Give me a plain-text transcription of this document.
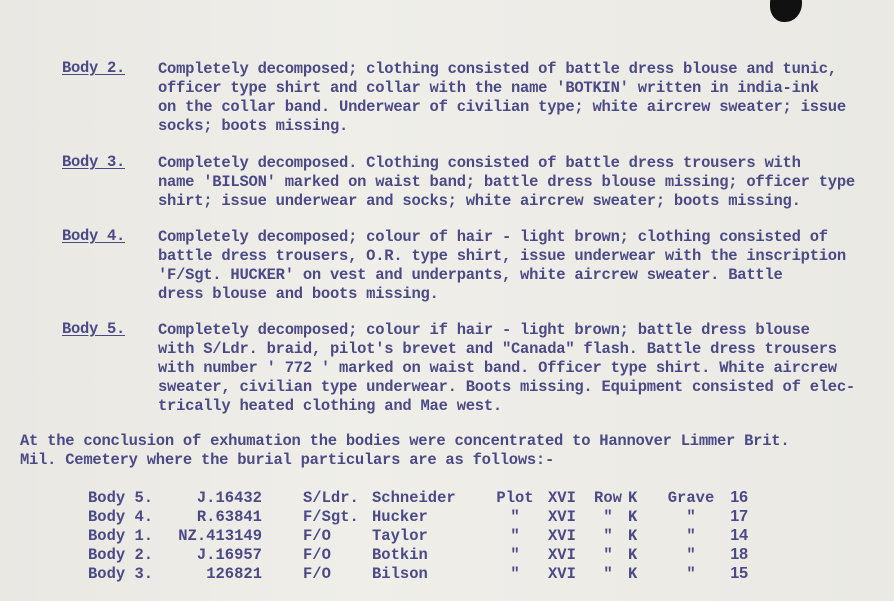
Body 2. Completely decomposed; clothing consisted of battle dress blouse and tunic,
officer type shirt and collar with the name 'BOTKIN' written in india-ink
on the collar band. Underwear of civilian type; white aircrew sweater; issue
socks; boots missing.
Body 3. Completely decomposed. Clothing consisted of battle dress trousers with
name 'BILSON' marked on waist band; battle dress blouse missing; officer type
shirt; issue underwear and socks; white aircrew sweater; boots missing.
Body 4. Completely decomposed; colour of hair - light brown; clothing consisted of
battle dress trousers, O.R. type shirt, issue underwear with the inscription
'F/Sgt. HUCKER' on vest and underpants, white aircrew sweater. Battle
dress blouse and boots missing.
Body 5. Completely decomposed; colour if hair - light brown; battle dress blouse
with S/Ldr. braid, pilot's brevet and "Canada" flash. Battle dress trousers
with number ' 772 ' marked on waist band. Officer type shirt. White aircrew
sweater, civilian type underwear. Boots missing. Equipment consisted of elec-
trically heated clothing and Mae west.
At the conclusion of exhumation the bodies were concentrated to Hannover Limmer Brit.
Mil. Cemetery where the burial particulars are as follows:-
Body 5.	J.16432	S/Ldr. Schneider	Plot XVI Row K Grave 16
Body 4.	R.63841	F/Sgt. Hucker	"	XVI	" K	"	17
Body 1.	NZ.413149	F/O	Taylor	"	XVI	" K	"	14
Body 2.	J.16957	F/O	Botkin	"	XVI	" K	"	18
Body 3.	126821	F/O	Bilson	"	XVI	" K	"	15
